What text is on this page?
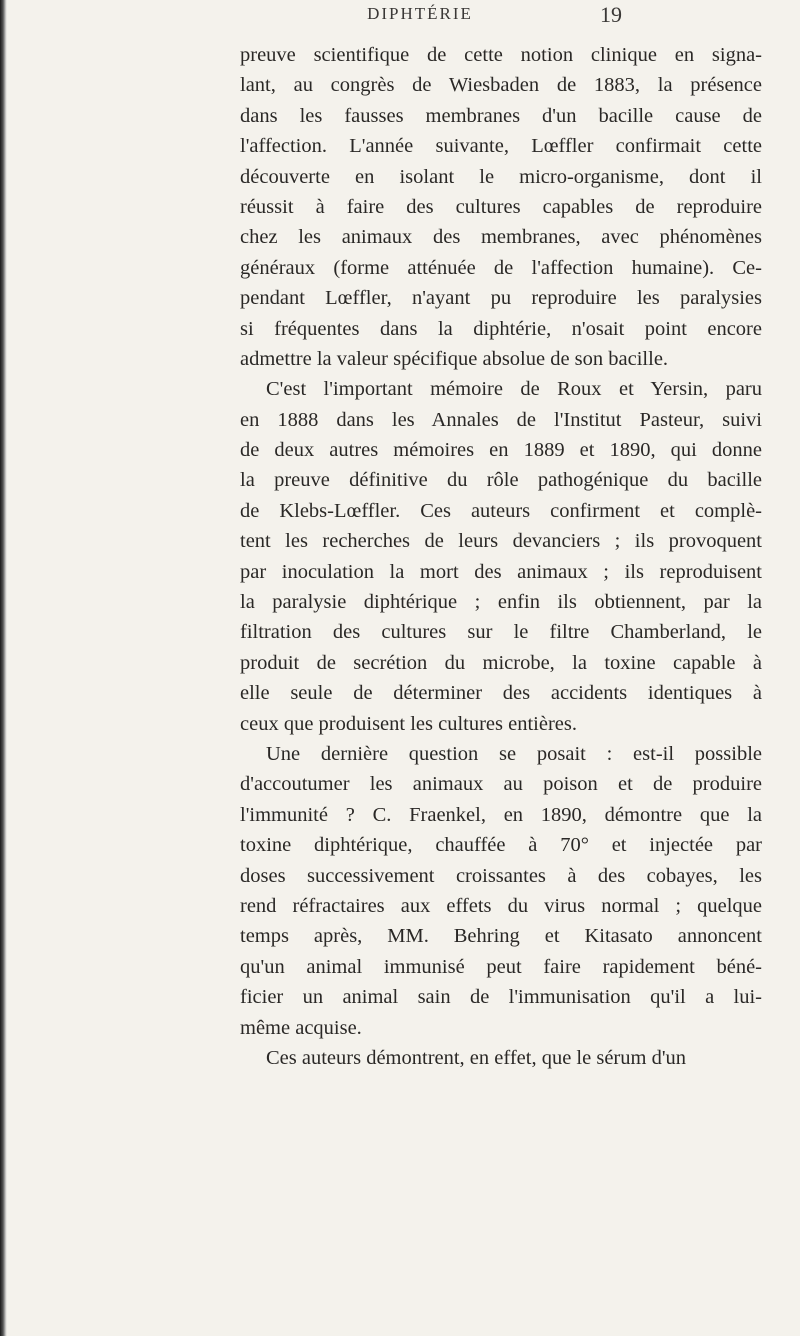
DIPHTÉRIE	19
preuve scientifique de cette notion clinique en signa-
lant, au congrès de Wiesbaden de 1883, la présence
dans les fausses membranes d'un bacille cause de
l'affection. L'année suivante, Lœffler confirmait cette
découverte en isolant le micro-organisme, dont il
réussit à faire des cultures capables de reproduire
chez les animaux des membranes, avec phénomènes
généraux (forme atténuée de l'affection humaine). Ce-
pendant Lœffler, n'ayant pu reproduire les paralysies
si fréquentes dans la diphtérie, n'osait point encore
admettre la valeur spécifique absolue de son bacille.
C'est l'important mémoire de Roux et Yersin, paru
en 1888 dans les Annales de l'Institut Pasteur, suivi
de deux autres mémoires en 1889 et 1890, qui donne
la preuve définitive du rôle pathogénique du bacille
de Klebs-Lœffler. Ces auteurs confirment et complè-
tent les recherches de leurs devanciers ; ils provoquent
par inoculation la mort des animaux ; ils reproduisent
la paralysie diphtérique ; enfin ils obtiennent, par la
filtration des cultures sur le filtre Chamberland, le
produit de secrétion du microbe, la toxine capable à
elle seule de déterminer des accidents identiques à
ceux que produisent les cultures entières.
Une dernière question se posait : est-il possible
d'accoutumer les animaux au poison et de produire
l'immunité ? C. Fraenkel, en 1890, démontre que la
toxine diphtérique, chauffée à 70° et injectée par
doses successivement croissantes à des cobayes, les
rend réfractaires aux effets du virus normal ; quelque
temps après, MM. Behring et Kitasato annoncent
qu'un animal immunisé peut faire rapidement béné-
ficier un animal sain de l'immunisation qu'il a lui-
même acquise.
Ces auteurs démontrent, en effet, que le sérum d'un
